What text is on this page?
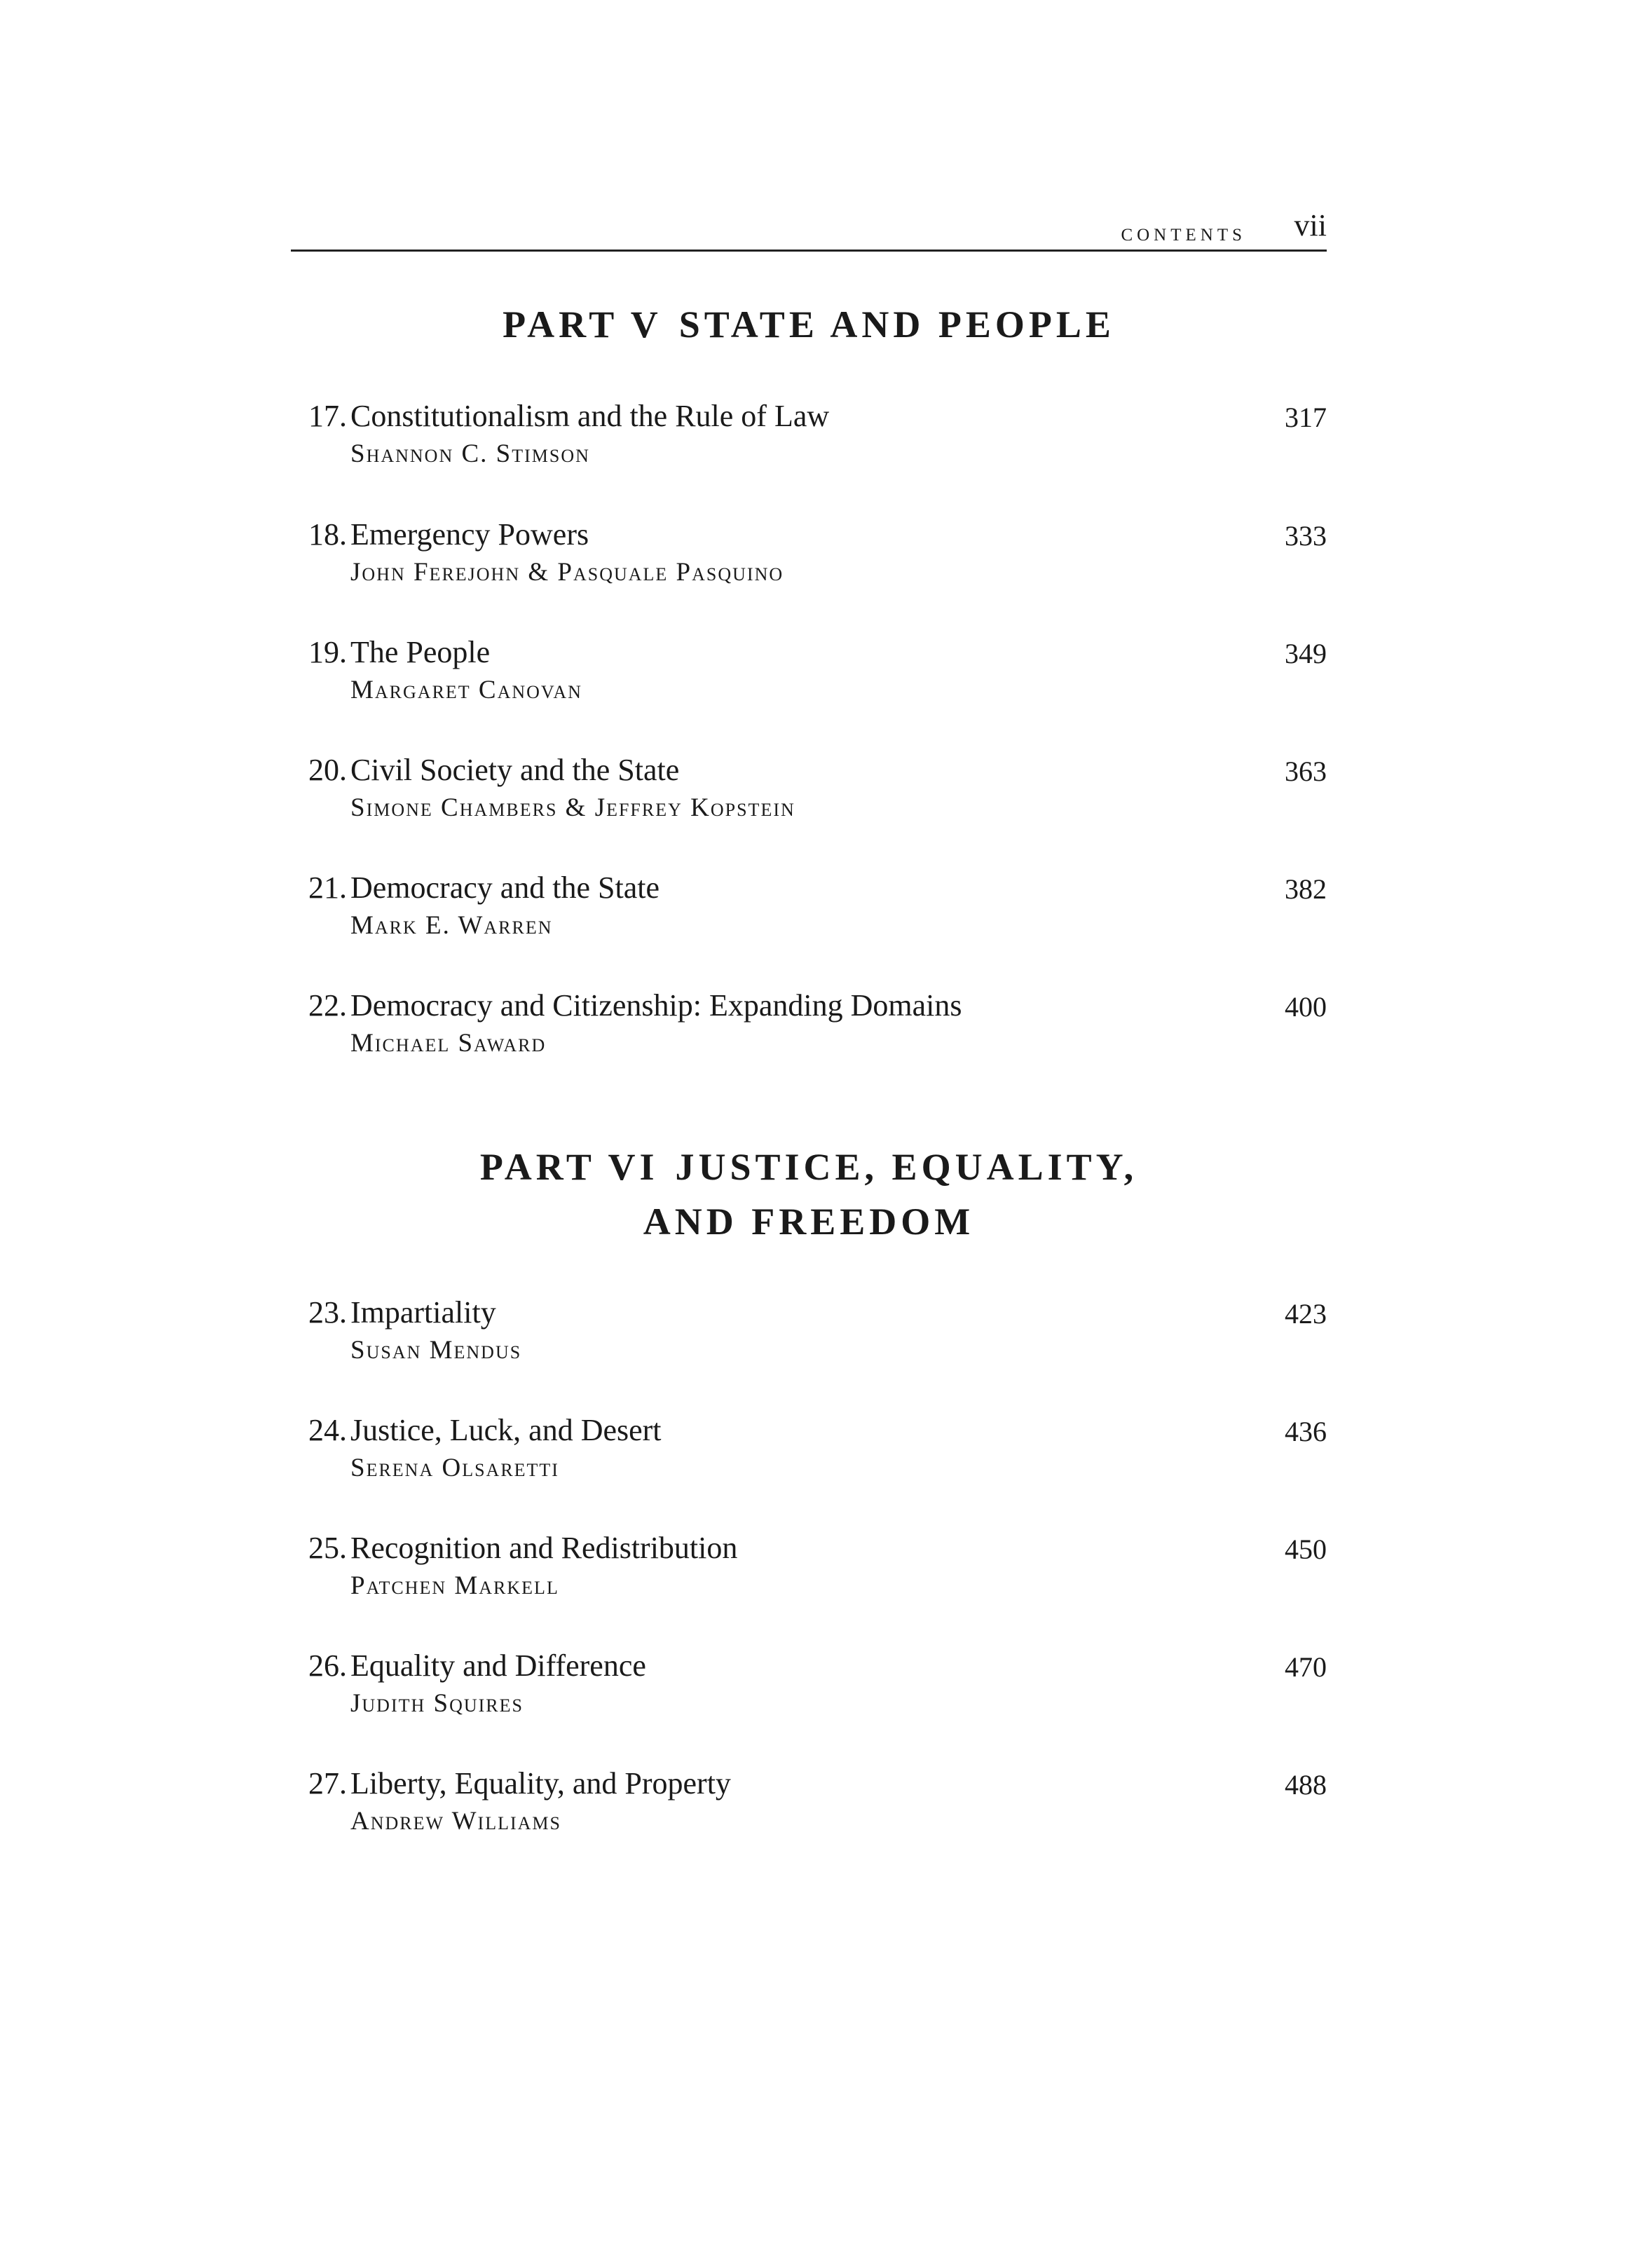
contents vii
PART V STATE AND PEOPLE
17. Constitutionalism and the Rule of Law
Shannon C. Stimson
317
18. Emergency Powers
John Ferejohn & Pasquale Pasquino
333
19. The People
Margaret Canovan
349
20. Civil Society and the State
Simone Chambers & Jeffrey Kopstein
363
21. Democracy and the State
Mark E. Warren
382
22. Democracy and Citizenship: Expanding Domains
Michael Saward
400
PART VI JUSTICE, EQUALITY,
AND FREEDOM
23. Impartiality
Susan Mendus
423
24. Justice, Luck, and Desert
Serena Olsaretti
436
25. Recognition and Redistribution
Patchen Markell
450
26. Equality and Difference
Judith Squires
470
27. Liberty, Equality, and Property
Andrew Williams
488
